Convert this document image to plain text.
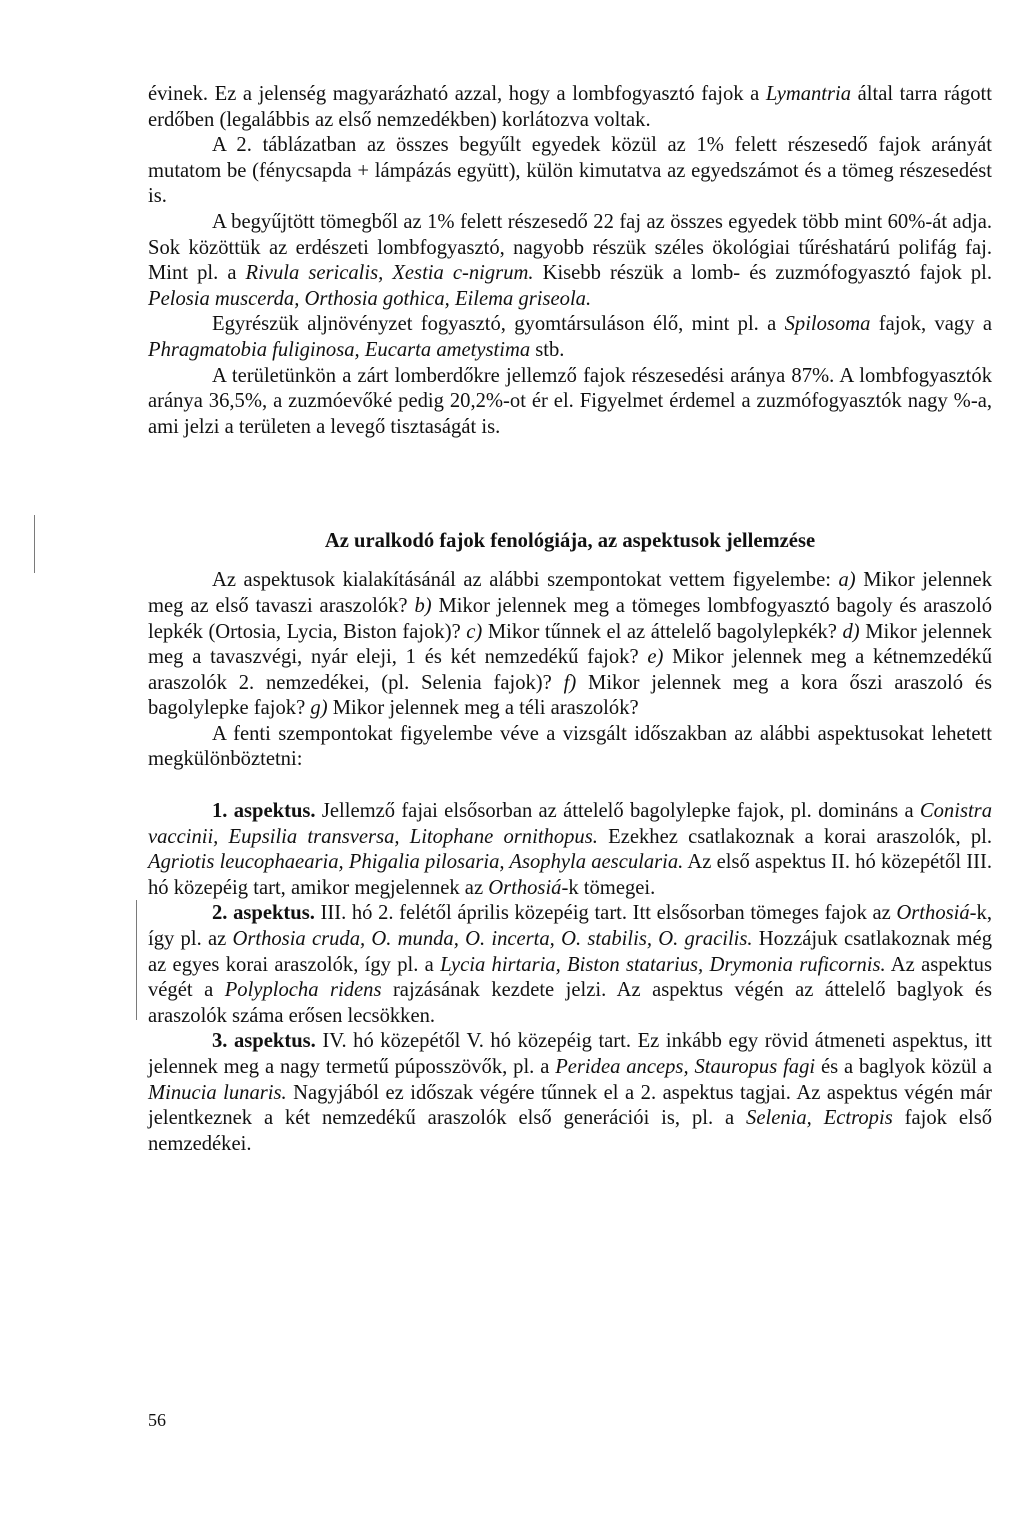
évinek. Ez a jelenség magyarázható azzal, hogy a lombfogyasztó fajok a Lymantria által tarra rágott erdőben (legalábbis az első nemzedékben) korlátozva voltak.

A 2. táblázatban az összes begyűlt egyedek közül az 1% felett részesedő fajok arányát mutatom be (fénycsapda + lámpázás együtt), külön kimutatva az egyedszámot és a tömeg részesedést is.

A begyűjtött tömegből az 1% felett részesedő 22 faj az összes egyedek több mint 60%-át adja. Sok közöttük az erdészeti lombfogyasztó, nagyobb részük széles ökológiai tűréshatárú polifág faj. Mint pl. a Rivula sericalis, Xestia c-nigrum. Kisebb részük a lomb- és zuzmófogyasztó fajok pl. Pelosia muscerda, Orthosia gothica, Eilema griseola.

Egyrészük aljnövényzet fogyasztó, gyomtársuláson élő, mint pl. a Spilosoma fajok, vagy a Phragmatobia fuliginosa, Eucarta ametystima stb.

A területünkön a zárt lomberdőkre jellemző fajok részesedési aránya 87%. A lombfogyasztók aránya 36,5%, a zuzmóevőké pedig 20,2%-ot ér el. Figyelmet érdemel a zuzmófogyasztók nagy %-a, ami jelzi a területen a levegő tisztaságát is.

Az uralkodó fajok fenológiája, az aspektusok jellemzése

Az aspektusok kialakításánál az alábbi szempontokat vettem figyelembe: a) Mikor jelennek meg az első tavaszi araszolók? b) Mikor jelennek meg a tömeges lombfogyasztó bagoly és araszoló lepkék (Ortosia, Lycia, Biston fajok)? c) Mikor tűnnek el az áttelelő bagolylepkék? d) Mikor jelennek meg a tavaszvégi, nyár eleji, 1 és két nemzedékű fajok? e) Mikor jelennek meg a kétnemzedékű araszolók 2. nemzedékei, (pl. Selenia fajok)? f) Mikor jelennek meg a kora őszi araszoló és bagolylepke fajok? g) Mikor jelennek meg a téli araszolók?

A fenti szempontokat figyelembe véve a vizsgált időszakban az alábbi aspektusokat lehetett megkülönböztetni:

1. aspektus. Jellemző fajai elsősorban az áttelelő bagolylepke fajok, pl. domináns a Conistra vaccinii, Eupsilia transversa, Litophane ornithopus. Ezekhez csatlakoznak a korai araszolók, pl. Agriotis leucophaearia, Phigalia pilosaria, Asophyla aescularia. Az első aspektus II. hó közepétől III. hó közepéig tart, amikor megjelennek az Orthosiá-k tömegei.

2. aspektus. III. hó 2. felétől április közepéig tart. Itt elsősorban tömeges fajok az Orthosiá-k, így pl. az Orthosia cruda, O. munda, O. incerta, O. stabilis, O. gracilis. Hozzájuk csatlakoznak még az egyes korai araszolók, így pl. a Lycia hirtaria, Biston statarius, Drymonia ruficornis. Az aspektus végét a Polyplocha ridens rajzásának kezdete jelzi. Az aspektus végén az áttelelő baglyok és araszolók száma erősen lecsökken.

3. aspektus. IV. hó közepétől V. hó közepéig tart. Ez inkább egy rövid átmeneti aspektus, itt jelennek meg a nagy termetű púposszövők, pl. a Peridea anceps, Stauropus fagi és a baglyok közül a Minucia lunaris. Nagyjából ez időszak végére tűnnek el a 2. aspektus tagjai. Az aspektus végén már jelentkeznek a két nemzedékű araszolók első generációi is, pl. a Selenia, Ectropis fajok első nemzedékei.

56
